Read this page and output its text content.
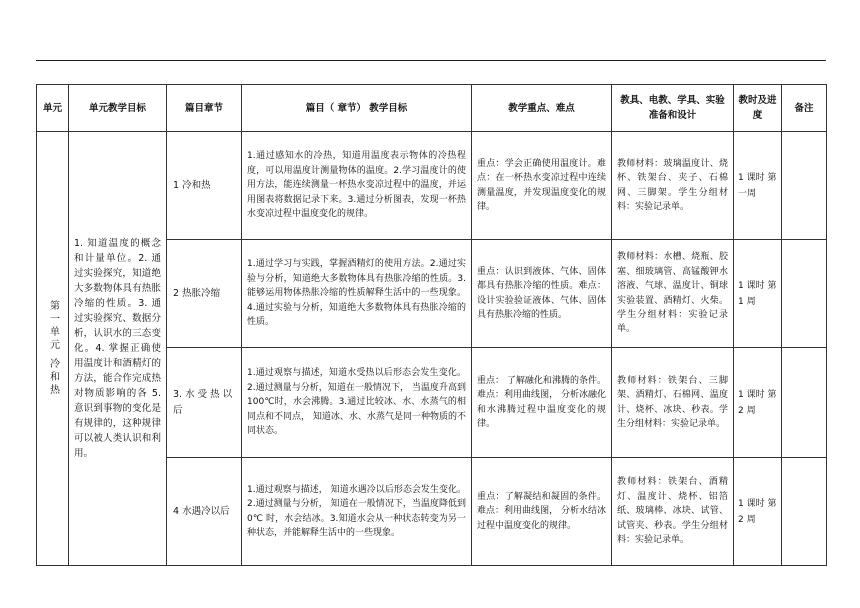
单元	单元教学目标	篇目章节	篇目（ 章节） 教学目标	教学重点、难点	教具、电教、学具、实验准备和设计	教时及进度	备注

第一单元 冷和热	1. 知道温度的概念和计量单位。2. 通过实验探究，知道绝大多数物体具有热胀冷缩的性质。3. 通过实验探究、数据分析，认识水的三态变化。4. 掌握正确使用温度计和酒精灯的方法，能合作完成热对物质影响的各 5. 意识到事物的变化是有规律的，这种规律可以被人类认识和利用。	1 冷和热	1.通过感知水的冷热，知道用温度表示物体的冷热程度，可以用温度计测量物体的温度。2.学习温度计的使用方法，能连续测量一杯热水变凉过程中的温度，并运用图表将数据记录下来。3.通过分析图表，发现一杯热水变凉过程中温度变化的规律。	重点：学会正确使用温度计。难点：在一杯热水变凉过程中连续测量温度，并发现温度变化的规律。	教师材料：玻璃温度计、烧杯、铁架台、夹子、石棉网、三脚架。学生分组材料：实验记录单。	1 课时 第一周	

		2 热胀冷缩	1.通过学习与实践，掌握酒精灯的使用方法。2.通过实验与分析，知道绝大多数物体具有热胀冷缩的性质。3.能够运用物体热胀冷缩的性质解释生活中的一些现象。4.通过实验与分析，知道绝大多数物体具有热胀冷缩的性质。	重点：认识到液体、气体、固体都具有热胀冷缩的性质。难点：设计实验验证液体、气体、固体具有热胀冷缩的性质。	教师材料：水槽、烧瓶、胶塞、细玻璃管、高锰酸钾水溶液、气球、温度计、铜球实验装置、酒精灯、火柴。学生分组材料：实验记录单。	1 课时 第 1 周	

		3. 水 受 热 以后	1.通过观察与描述，知道水受热以后形态会发生变化。2.通过测量与分析，知道在一般情况下， 当温度升高到 100℃时，水会沸腾。3.通过比较冰、水、水蒸气的相同点和不同点， 知道冰、水、水蒸气是同一种物质的不同状态。	重点： 了解融化和沸腾的条件。难点：利用曲线图， 分析冰融化和水沸腾过程中温度变化的规律。	教师材料：铁架台、三脚架、酒精灯、石棉网、温度计、烧杯、冰块、秒表。学生分组材料：实验记录单。	1 课时 第 2 周	

		4 水遇冷以后	1.通过观察与描述， 知道水遇冷以后形态会发生变化。2.通过测量与分析， 知道在一般情况下，当温度降低到 0℃ 时，水会结冰。3.知道水会从一种状态转变为另一种状态，并能解释生活中的一些现象。	重点：了解凝结和凝固的条件。难点：利用曲线图， 分析水结冰过程中温度变化的规律。	教师材料：铁架台、酒精灯、温度计、烧杯、铝箔纸、玻璃棒、冰块、试管、试管夹、秒表。学生分组材料：实验记录单。	1 课时 第 2 周	
